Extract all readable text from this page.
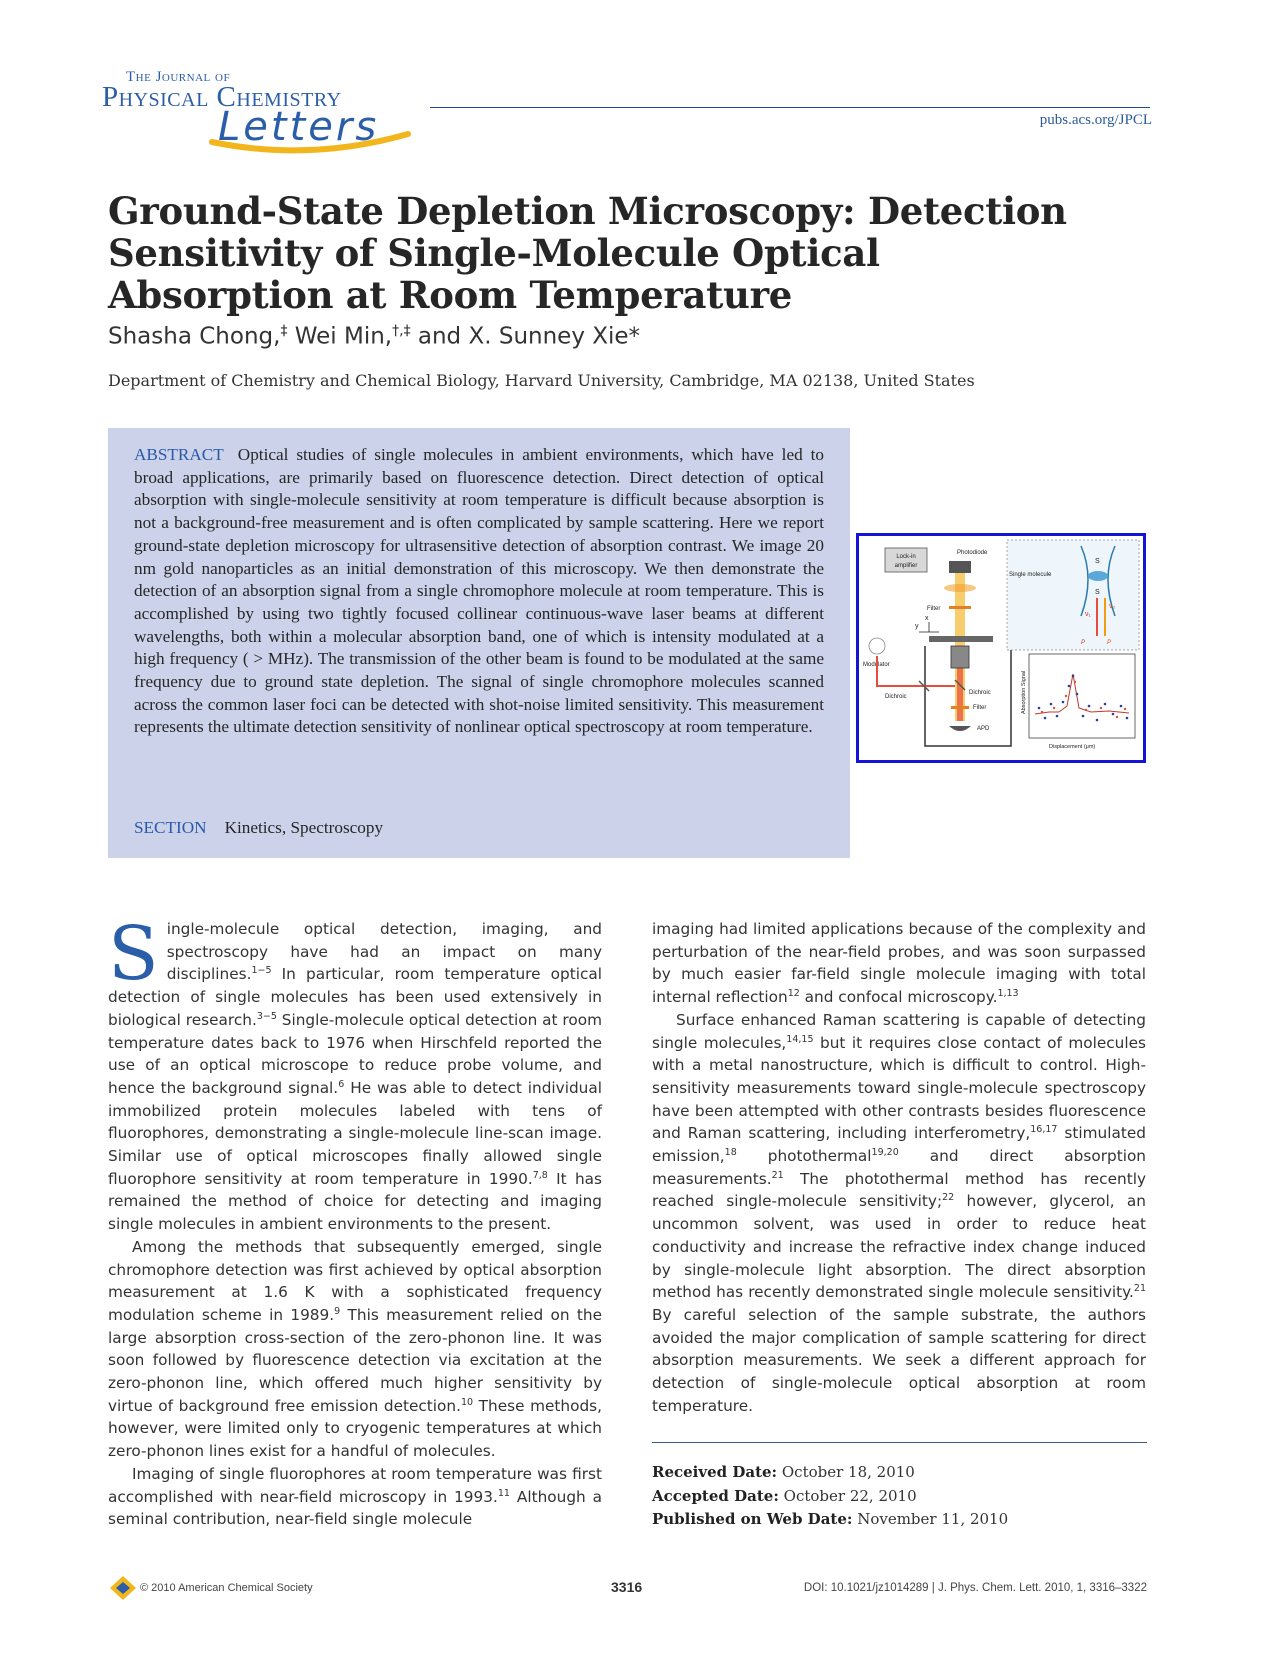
The Journal of
Physical Chemistry
Letters	pubs.acs.org/JPCL
Ground-State Depletion Microscopy: Detection Sensitivity of Single-Molecule Optical Absorption at Room Temperature
Shasha Chong,‡ Wei Min,†,‡ and X. Sunney Xie*
Department of Chemistry and Chemical Biology, Harvard University, Cambridge, MA 02138, United States

ABSTRACT Optical studies of single molecules in ambient environments, which have led to broad applications, are primarily based on fluorescence detection. Direct detection of optical absorption with single-molecule sensitivity at room temperature is difficult because absorption is not a background-free measurement and is often complicated by sample scattering. Here we report ground-state depletion microscopy for ultrasensitive detection of absorption contrast. We image 20 nm gold nanoparticles as an initial demonstration of this microscopy. We then demonstrate the detection of an absorption signal from a single chromophore molecule at room temperature. This is accomplished by using two tightly focused collinear continuous-wave laser beams at different wavelengths, both within a molecular absorption band, one of which is intensity modulated at a high frequency ( > MHz). The transmission of the other beam is found to be modulated at the same frequency due to ground state depletion. The signal of single chromophore molecules scanned across the common laser foci can be detected with shot-noise limited sensitivity. This measurement represents the ultimate detection sensitivity of nonlinear optical spectroscopy at room temperature.

SECTION Kinetics, Spectroscopy
Lock-in
amplifier
Photodiode
Filter
y
x
Modulator
Dichroic
Dichroic
Filter
APD
Single molecule
S
S
ν₁
ν₂
P	P
Absorption Signal
Displacement (μm)

Single-molecule optical detection, imaging, and spectroscopy have had an impact on many disciplines.$^{1-5}$ In particular, room temperature optical detection of single molecules has been used extensively in biological research.$^{3-5}$ Single-molecule optical detection at room temperature dates back to 1976 when Hirschfeld reported the use of an optical microscope to reduce probe volume, and hence the background signal.$^6$ He was able to detect individual immobilized protein molecules labeled with tens of fluorophores, demonstrating a single-molecule line-scan image. Similar use of optical microscopes finally allowed single fluorophore sensitivity at room temperature in 1990.$^{7,8}$ It has remained the method of choice for detecting and imaging single molecules in ambient environments to the present.

Among the methods that subsequently emerged, single chromophore detection was first achieved by optical absorption measurement at 1.6 K with a sophisticated frequency modulation scheme in 1989.$^9$ This measurement relied on the large absorption cross-section of the zero-phonon line. It was soon followed by fluorescence detection via excitation at the zero-phonon line, which offered much higher sensitivity by virtue of background free emission detection.$^{10}$ These methods, however, were limited only to cryogenic temperatures at which zero-phonon lines exist for a handful of molecules.

Imaging of single fluorophores at room temperature was first accomplished with near-field microscopy in 1993.11 Although a seminal contribution, near-field single molecule

imaging had limited applications because of the complexity and perturbation of the near-field probes, and was soon surpassed by much easier far-field single molecule imaging with total internal reflection$^{12}$ and confocal microscopy.$^{1,13}$

Surface enhanced Raman scattering is capable of detecting single molecules,$^{14,15}$ but it requires close contact of molecules with a metal nanostructure, which is difficult to control. High-sensitivity measurements toward single-molecule spectroscopy have been attempted with other contrasts besides fluorescence and Raman scattering, including interferometry,$^{16,17}$ stimulated emission,$^{18}$ photothermal$^{19,20}$ and direct absorption measurements.$^{21}$ The photothermal method has recently reached single-molecule sensitivity;$^{22}$ however, glycerol, an uncommon solvent, was used in order to reduce heat conductivity and increase the refractive index change induced by single-molecule light absorption. The direct absorption method has recently demonstrated single molecule sensitivity.$^{21}$ By careful selection of the sample substrate, the authors avoided the major complication of sample scattering for direct absorption measurements. We seek a different approach for detection of single-molecule optical absorption at room temperature.

Received Date: October 18, 2010
Accepted Date: October 22, 2010
Published on Web Date: November 11, 2010
© 2010 American Chemical Society	3316	DOI: 10.1021/jz1014289 | J. Phys. Chem. Lett. 2010, 1, 3316–3322
